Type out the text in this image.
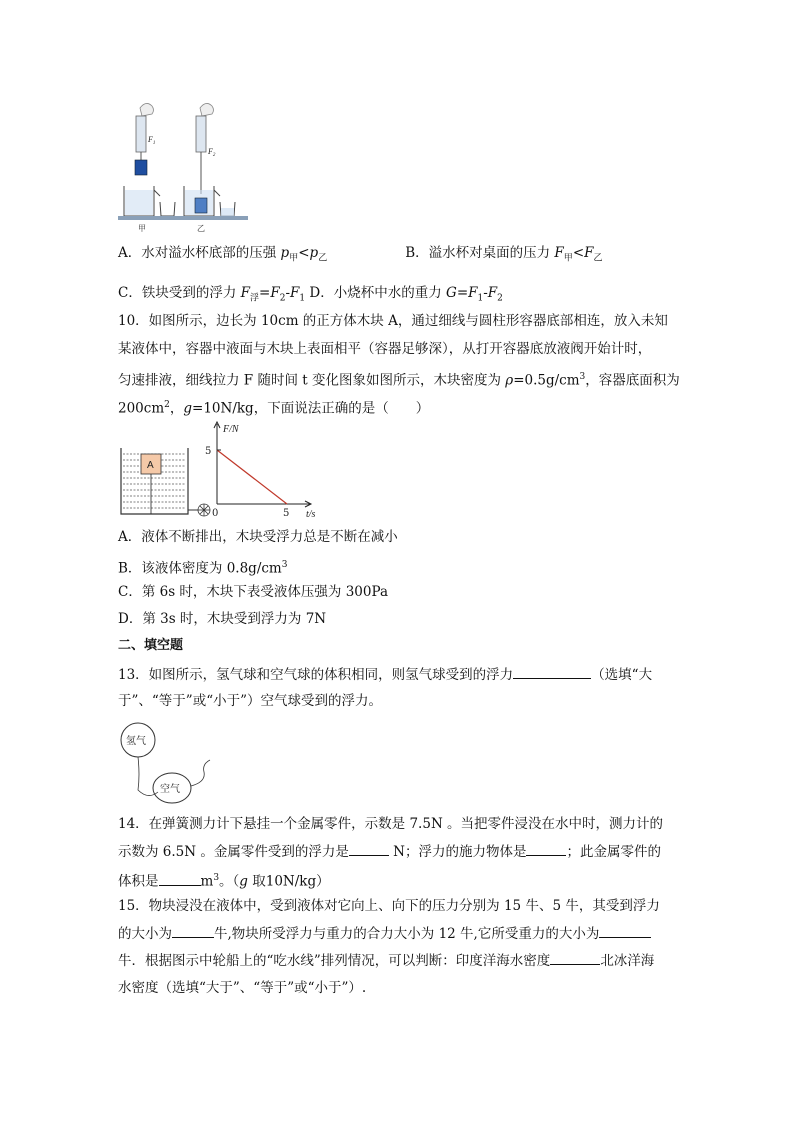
$F_1$
$F_2$
甲	乙
A．水对溢水杯底部的压强 $p_甲<p_乙$	B．溢水杯对桌面的压力 $F_甲<F_乙$
C．铁块受到的浮力 $F_浮=F_2-F_1$ D．小烧杯中水的重力 $G=F_1-F_2$
10．如图所示，边长为 10cm 的正方体木块 A，通过细线与圆柱形容器底部相连，放入未知
某液体中，容器中液面与木块上表面相平（容器足够深），从打开容器底放液阀开始计时，
匀速排液，细线拉力 F 随时间 t 变化图象如图所示，木块密度为 $\rho=0.5g/cm^3$，容器底面积为
$200cm^2$，g=10N/kg，下面说法正确的是（　　）
A
F/N
5
5
0	t/s
A．液体不断排出，木块受浮力总是不断在减小
B．该液体密度为 $0.8g/cm^3$
C．第 6s 时，木块下表受液体压强为 300Pa
D．第 3s 时，木块受到浮力为 7N
二、填空题
13．如图所示，氢气球和空气球的体积相同，则氢气球受到的浮力	（选填“大
于”、“等于”或“小于”）空气球受到的浮力。
氢气
空气
14．在弹簧测力计下悬挂一个金属零件，示数是 7.5N 。当把零件浸没在水中时，测力计的
示数为 6.5N 。金属零件受到的浮力是	N；浮力的施力物体是	；此金属零件的
体积是	$m^3$。（g 取10N/kg）
15．物块浸没在液体中，受到液体对它向上、向下的压力分别为 15 牛、5 牛，其受到浮力
的大小为	牛,物块所受浮力与重力的合力大小为 12 牛,它所受重力的大小为
牛．根据图示中轮船上的“吃水线”排列情况，可以判断：印度洋海水密度	北冰洋海
水密度（选填“大于”、“等于”或“小于”）.
